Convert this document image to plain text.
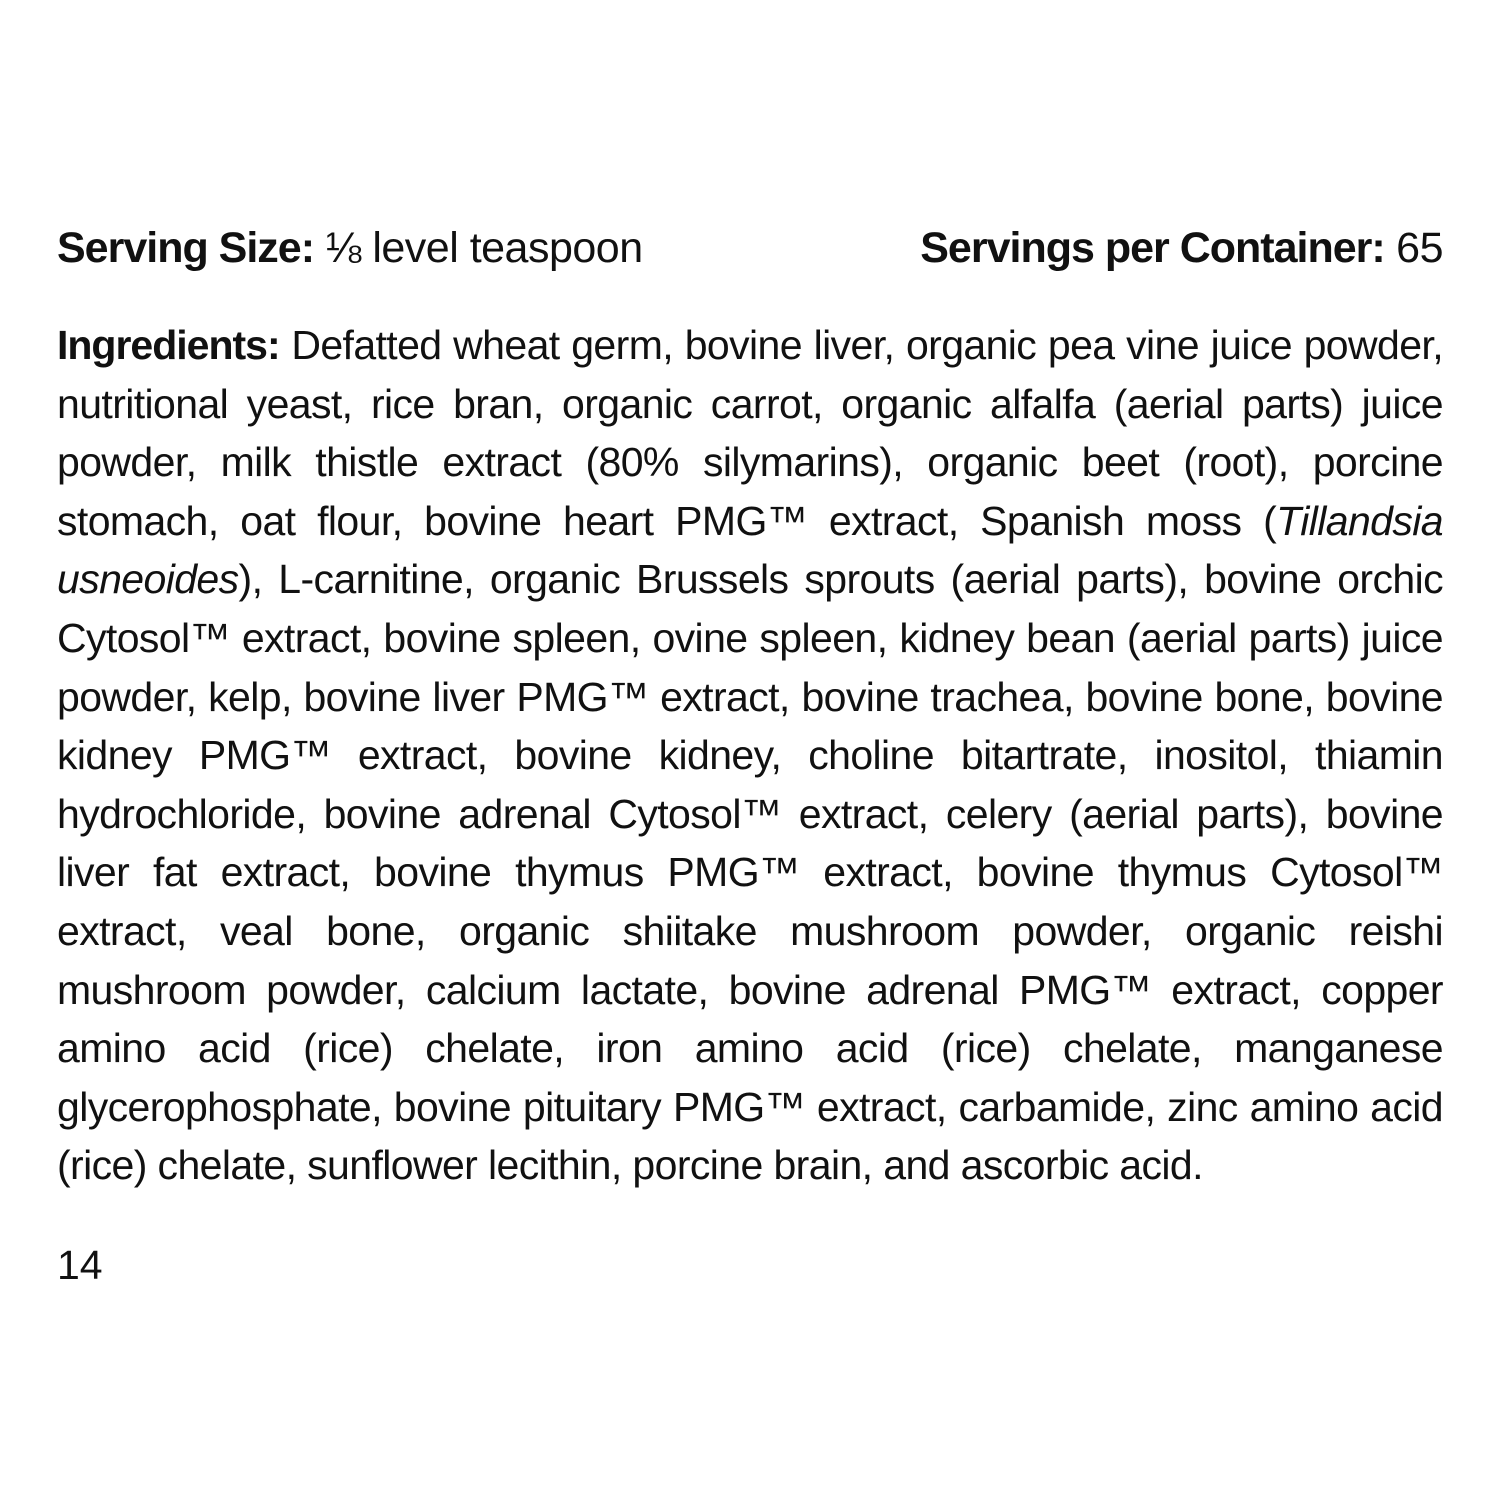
Serving Size: ⅛ level teaspoon	Servings per Container: 65
Ingredients: Defatted wheat germ, bovine liver, organic pea vine juice powder, nutritional yeast, rice bran, organic carrot, organic alfalfa (aerial parts) juice powder, milk thistle extract (80% silymarins), organic beet (root), porcine stomach, oat flour, bovine heart PMG™ extract, Spanish moss (Tillandsia usneoides), L-carnitine, organic Brussels sprouts (aerial parts), bovine orchic Cytosol™ extract, bovine spleen, ovine spleen, kidney bean (aerial parts) juice powder, kelp, bovine liver PMG™ extract, bovine trachea, bovine bone, bovine kidney PMG™ extract, bovine kidney, choline bitartrate, inositol, thiamin hydrochloride, bovine adrenal Cytosol™ extract, celery (aerial parts), bovine liver fat extract, bovine thymus PMG™ extract, bovine thymus Cytosol™ extract, veal bone, organic shiitake mushroom powder, organic reishi mushroom powder, calcium lactate, bovine adrenal PMG™ extract, copper amino acid (rice) chelate, iron amino acid (rice) chelate, manganese glycerophosphate, bovine pituitary PMG™ extract, carbamide, zinc amino acid (rice) chelate, sunflower lecithin, porcine brain, and ascorbic acid.
14
